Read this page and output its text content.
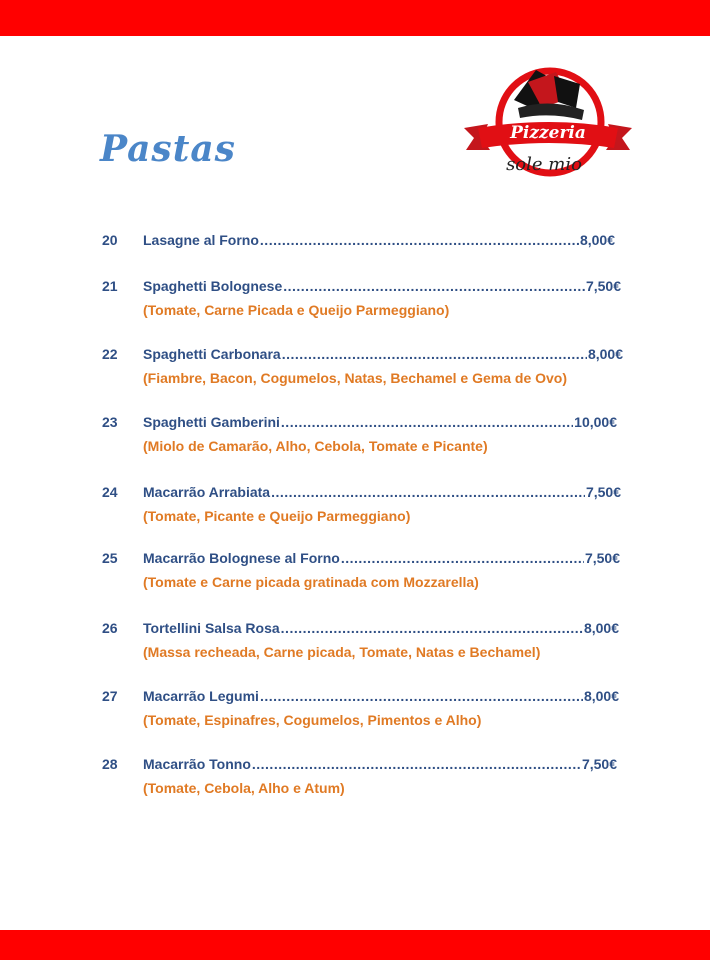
Pastas	Pizzeria
Restaurante Italiano
sole mio
20 Lasagne al Forno .....	8,00€
21 Spaghetti Bolognese .....	7,50€
(Tomate, Carne Picada e Queijo Parmeggiano)
22 Spaghetti Carbonara .....	8,00€
(Fiambre, Bacon, Cogumelos, Natas, Bechamel e Gema de Ovo)
23 Spaghetti Gamberini .....	10,00€
(Miolo de Camarão, Alho, Cebola, Tomate e Picante)
24 Macarrão Arrabiata .....	7,50€
(Tomate, Picante e Queijo Parmeggiano)
25 Macarrão Bolognese al Forno .....	7,50€
(Tomate e Carne picada gratinada com Mozzarella)
26 Tortellini Salsa Rosa .....	8,00€
(Massa recheada, Carne picada, Tomate, Natas e Bechamel)
27 Macarrão Legumi .....	8,00€
(Tomate, Espinafres, Cogumelos, Pimentos e Alho)
28 Macarrão Tonno .....	7,50€
(Tomate, Cebola, Alho e Atum)
